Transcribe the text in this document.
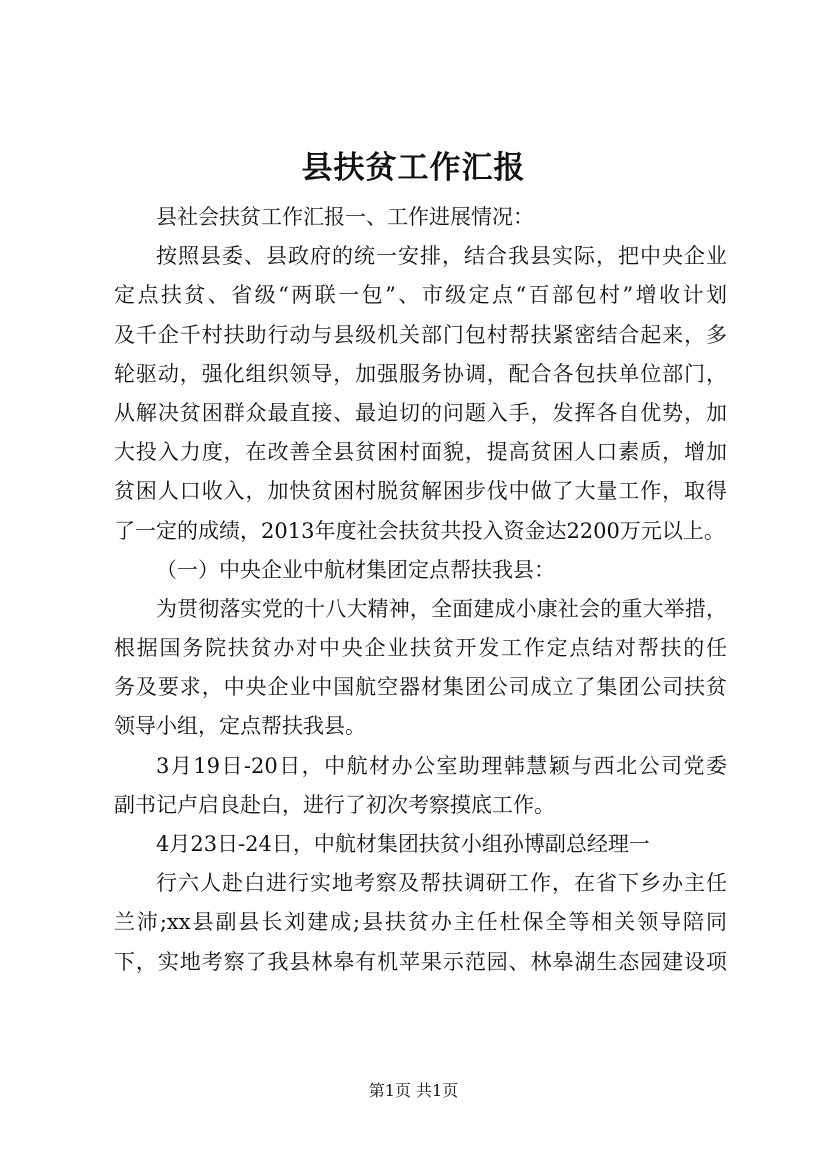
县扶贫工作汇报
县社会扶贫工作汇报一、工作进展情况：
按照县委、县政府的统一安排，结合我县实际，把中央企业
定点扶贫、省级“两联一包”、市级定点“百部包村”增收计划
及千企千村扶助行动与县级机关部门包村帮扶紧密结合起来，多
轮驱动，强化组织领导，加强服务协调，配合各包扶单位部门，
从解决贫困群众最直接、最迫切的问题入手，发挥各自优势，加
大投入力度，在改善全县贫困村面貌，提高贫困人口素质，增加
贫困人口收入，加快贫困村脱贫解困步伐中做了大量工作，取得
了一定的成绩，2013年度社会扶贫共投入资金达2200万元以上。
（一）中央企业中航材集团定点帮扶我县：
为贯彻落实党的十八大精神，全面建成小康社会的重大举措，
根据国务院扶贫办对中央企业扶贫开发工作定点结对帮扶的任
务及要求，中央企业中国航空器材集团公司成立了集团公司扶贫
领导小组，定点帮扶我县。
3月19日-20日，中航材办公室助理韩慧颖与西北公司党委
副书记卢启良赴白，进行了初次考察摸底工作。
4月23日-24日，中航材集团扶贫小组孙博副总经理一
行六人赴白进行实地考察及帮扶调研工作，在省下乡办主任
兰沛;xx县副县长刘建成;县扶贫办主任杜保全等相关领导陪同
下，实地考察了我县林皋有机苹果示范园、林皋湖生态园建设项
第1页 共1页
